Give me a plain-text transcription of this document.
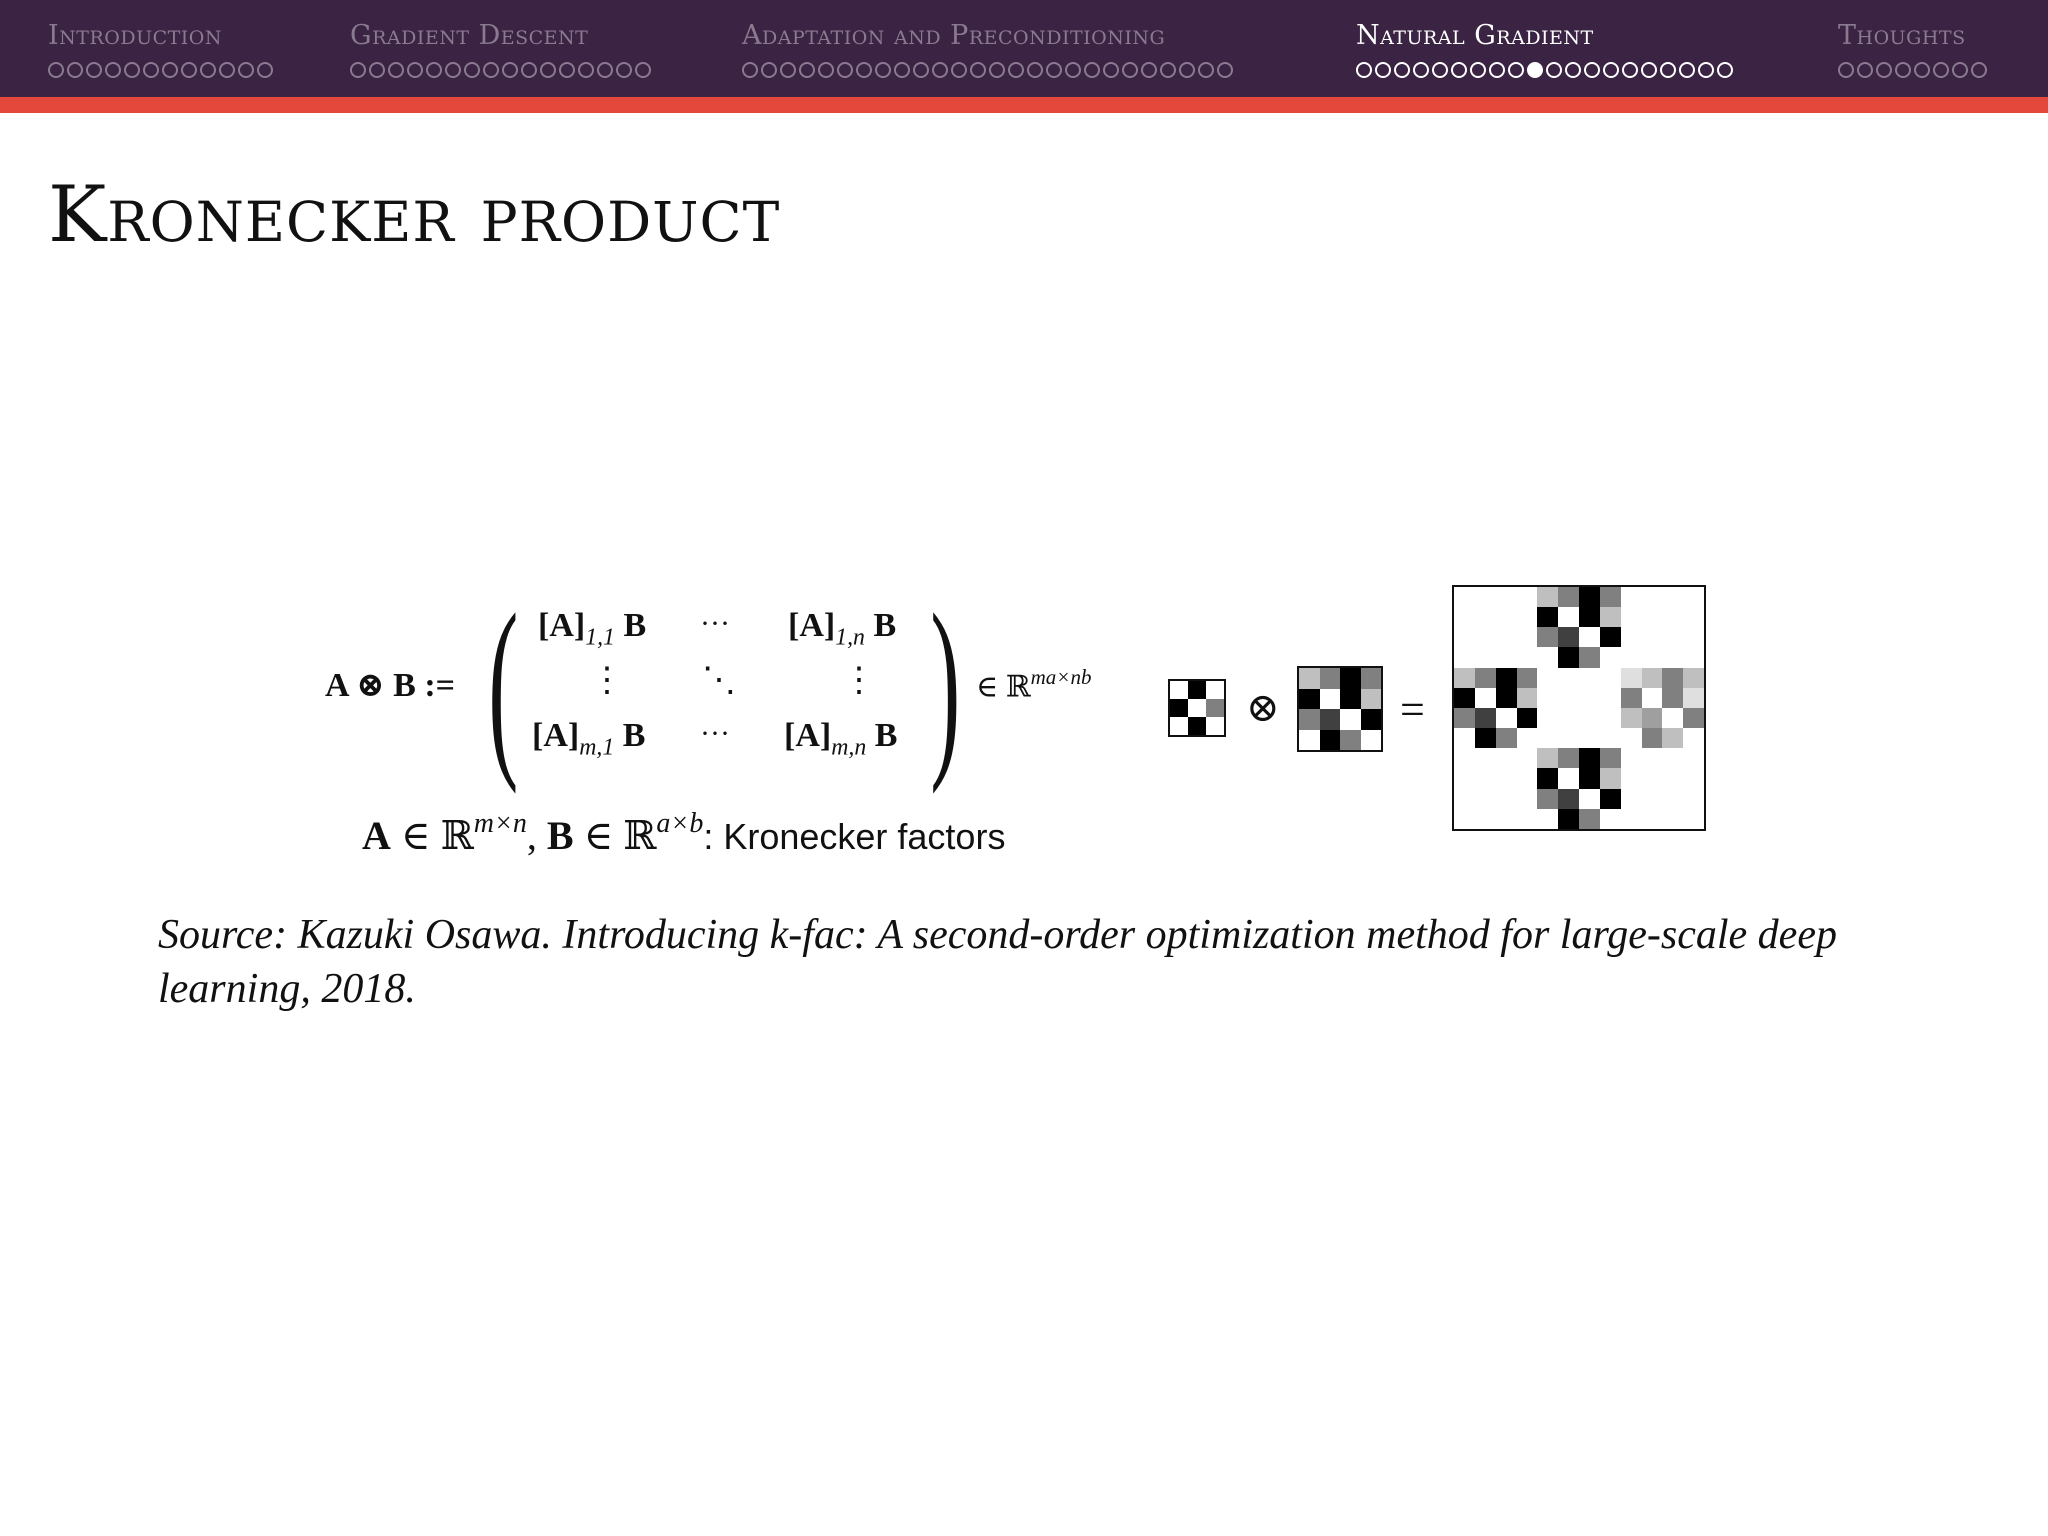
Introduction	Gradient Descent	Adaptation and Preconditioning	Natural Gradient	Thoughts
Kronecker product
A ⊗ B := ( $[A]_{1,1}$ B ··· $[A]_{1,n}$ B
⋮ ⋱	⋮
$[A]_{m,1}$ B ··· $[A]_{m,n}$ B ) ∈ ℝ$^{ma\times nb}$
A ∈ ℝ$^{m\times n}$, B ∈ ℝ$^{a\times b}$: Kronecker factors
⊗	=

Source: Kazuki Osawa. Introducing k-fac: A second-order optimization method for large-scale deep learning, 2018.
